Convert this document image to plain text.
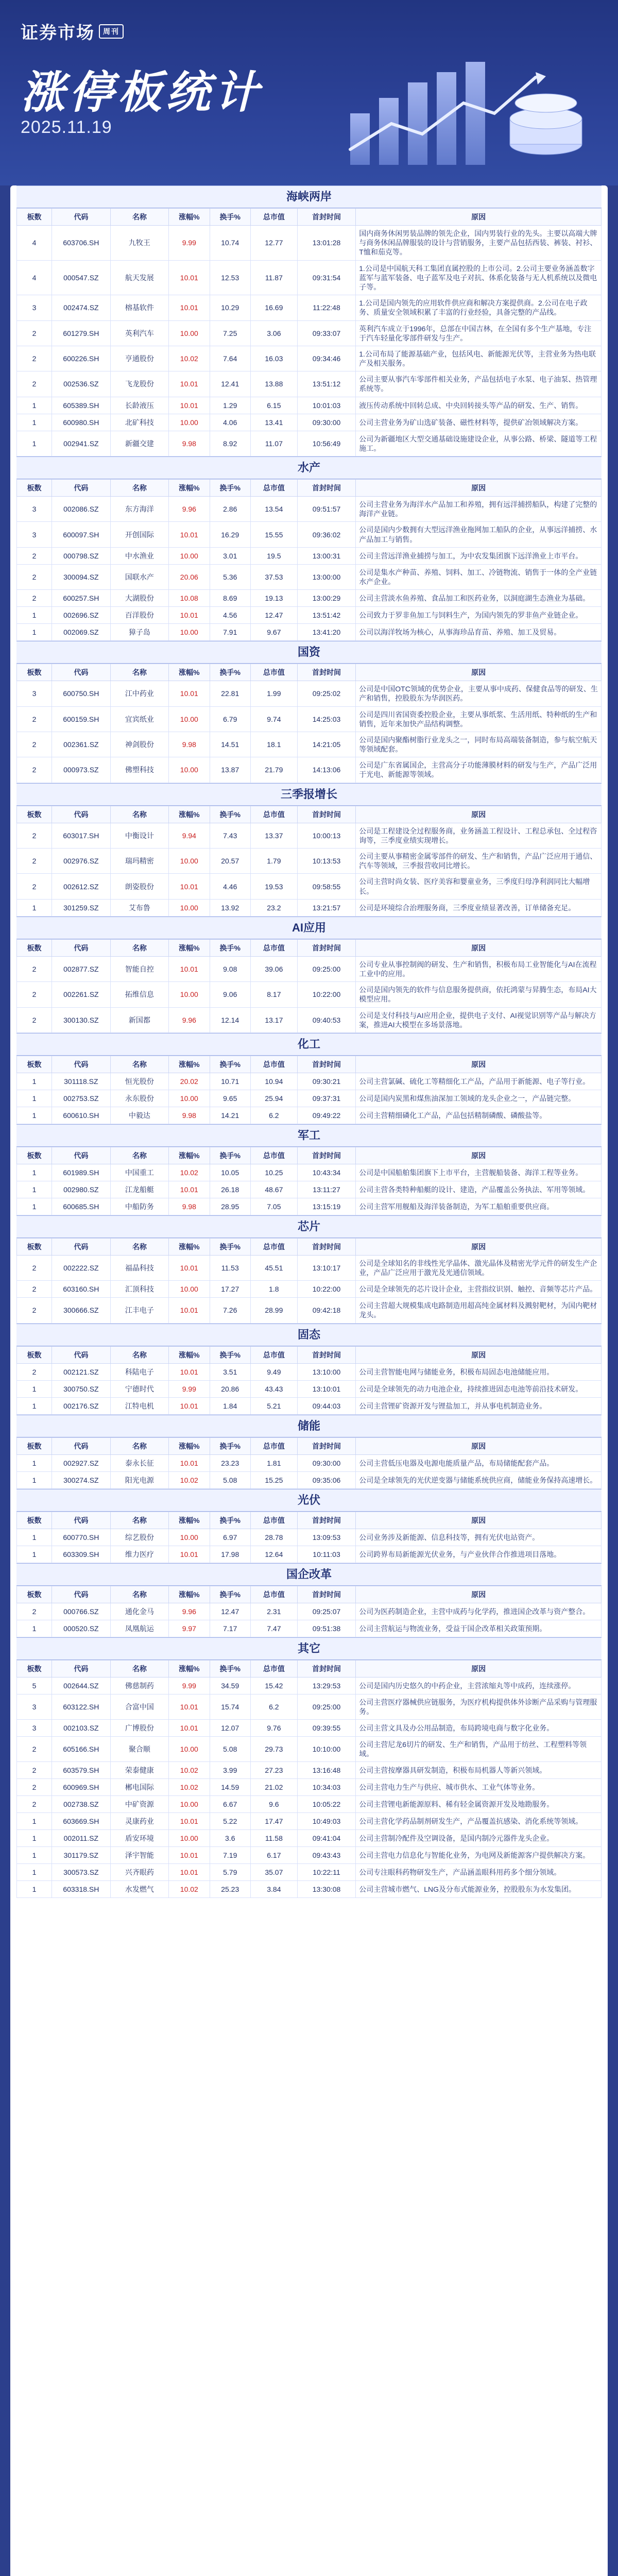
证券市场	周刊
涨停板统计
2025.11.19
海峡两岸
板数	代码	名称	涨幅%	换手%	总市值	首封时间	原因
4	603706.SH	九牧王	9.99	10.74	12.77	13:01:28	国内商务休闲男装品牌的领先企业，国内男装行业的先头。主要以高端大牌与商务休闲品牌服装的设计与营销服务，主要产品包括西装、裤装、衬衫、T恤和茄克等。
4	000547.SZ	航天发展	10.01	12.53	11.87	09:31:54	1.公司是中国航天科工集团直属控股的上市公司。2.公司主要业务涵盖数字蓝军与蓝军装备、电子蓝军及电子对抗、体系化装备与无人机系统以及微电子等。
3	002474.SZ	榕基软件	10.01	10.29	16.69	11:22:48	1.公司是国内领先的应用软件供应商和解决方案提供商。2.公司在电子政务、质量安全领域积累了丰富的行业经验，具备完整的产品线。
2	601279.SH	英利汽车	10.00	7.25	3.06	09:33:07	英利汽车成立于1996年，总部在中国吉林，在全国有多个生产基地，专注于汽车轻量化零部件研发与生产。
2	600226.SH	亨通股份	10.02	7.64	16.03	09:34:46	1.公司布局了能源基础产业，包括风电、新能源光伏等，主营业务为热电联产及相关服务。
2	002536.SZ	飞龙股份	10.01	12.41	13.88	13:51:12	公司主要从事汽车零部件相关业务，产品包括电子水泵、电子油泵、热管理系统等。
1	605389.SH	长龄液压	10.01	1.29	6.15	10:01:03	液压传动系统中回转总成、中央回转接头等产品的研发、生产、销售。
1	600980.SH	北矿科技	10.00	4.06	13.41	09:30:00	公司主营业务为矿山选矿装备、磁性材料等，提供矿冶领域解决方案。
1	002941.SZ	新疆交建	9.98	8.92	11.07	10:56:49	公司为新疆地区大型交通基础设施建设企业，从事公路、桥梁、隧道等工程施工。
水产
板数	代码	名称	涨幅%	换手%	总市值	首封时间	原因
3	002086.SZ	东方海洋	9.96	2.86	13.54	09:51:57	公司主营业务为海洋水产品加工和养殖，拥有远洋捕捞船队，构建了完整的海洋产业链。
3	600097.SH	开创国际	10.01	16.29	15.55	09:36:02	公司是国内少数拥有大型远洋渔业拖网加工船队的企业，从事远洋捕捞、水产品加工与销售。
2	000798.SZ	中水渔业	10.00	3.01	19.5	13:00:31	公司主营远洋渔业捕捞与加工，为中农发集团旗下远洋渔业上市平台。
2	300094.SZ	国联水产	20.06	5.36	37.53	13:00:00	公司是集水产种苗、养殖、饲料、加工、冷链物流、销售于一体的全产业链水产企业。
2	600257.SH	大湖股份	10.08	8.69	19.13	13:00:29	公司主营淡水鱼养殖、食品加工和医药业务，以洞庭湖生态渔业为基础。
1	002696.SZ	百洋股份	10.01	4.56	12.47	13:51:42	公司致力于罗非鱼加工与饲料生产，为国内领先的罗非鱼产业链企业。
1	002069.SZ	獐子岛	10.00	7.91	9.67	13:41:20	公司以海洋牧场为核心，从事海珍品育苗、养殖、加工及贸易。
国资
板数	代码	名称	涨幅%	换手%	总市值	首封时间	原因
3	600750.SH	江中药业	10.01	22.81	1.99	09:25:02	公司是中国OTC领域的优势企业，主要从事中成药、保健食品等的研发、生产和销售，控股股东为华润医药。
2	600159.SH	宜宾纸业	10.00	6.79	9.74	14:25:03	公司是四川省国资委控股企业，主要从事纸浆、生活用纸、特种纸的生产和销售，近年来加快产品结构调整。
2	002361.SZ	神剑股份	9.98	14.51	18.1	14:21:05	公司是国内聚酯树脂行业龙头之一，同时布局高端装备制造，参与航空航天等领域配套。
2	000973.SZ	佛塑科技	10.00	13.87	21.79	14:13:06	公司是广东省属国企，主营高分子功能薄膜材料的研发与生产，产品广泛用于光电、新能源等领域。
三季报增长
板数	代码	名称	涨幅%	换手%	总市值	首封时间	原因
2	603017.SH	中衡设计	9.94	7.43	13.37	10:00:13	公司是工程建设全过程服务商，业务涵盖工程设计、工程总承包、全过程咨询等，三季度业绩实现增长。
2	002976.SZ	瑞玛精密	10.00	20.57	1.79	10:13:53	公司主要从事精密金属零部件的研发、生产和销售，产品广泛应用于通信、汽车等领域，三季报营收同比增长。
2	002612.SZ	朗姿股份	10.01	4.46	19.53	09:58:55	公司主营时尚女装、医疗美容和婴童业务，三季度归母净利润同比大幅增长。
1	301259.SZ	艾布鲁	10.00	13.92	23.2	13:21:57	公司是环境综合治理服务商，三季度业绩显著改善，订单储备充足。
AI应用
板数	代码	名称	涨幅%	换手%	总市值	首封时间	原因
2	002877.SZ	智能自控	10.01	9.08	39.06	09:25:00	公司专业从事控制阀的研发、生产和销售，积极布局工业智能化与AI在流程工业中的应用。
2	002261.SZ	拓维信息	10.00	9.06	8.17	10:22:00	公司是国内领先的软件与信息服务提供商，依托鸿蒙与昇腾生态，布局AI大模型应用。
2	300130.SZ	新国都	9.96	12.14	13.17	09:40:53	公司是支付科技与AI应用企业，提供电子支付、AI视觉识别等产品与解决方案，推进AI大模型在多场景落地。
化工
板数	代码	名称	涨幅%	换手%	总市值	首封时间	原因
1	301118.SZ	恒光股份	20.02	10.71	10.94	09:30:21	公司主营氯碱、硫化工等精细化工产品，产品用于新能源、电子等行业。
1	002753.SZ	永东股份	10.00	9.65	25.94	09:37:31	公司是国内炭黑和煤焦油深加工领域的龙头企业之一，产品链完整。
1	600610.SH	中毅达	9.98	14.21	6.2	09:49:22	公司主营精细磷化工产品，产品包括精制磷酸、磷酸盐等。
军工
板数	代码	名称	涨幅%	换手%	总市值	首封时间	原因
1	601989.SH	中国重工	10.02	10.05	10.25	10:43:34	公司是中国船舶集团旗下上市平台，主营舰船装备、海洋工程等业务。
1	002980.SZ	江龙船艇	10.01	26.18	48.67	13:11:27	公司主营各类特种船艇的设计、建造，产品覆盖公务执法、军用等领域。
1	600685.SH	中船防务	9.98	28.95	7.05	13:15:19	公司主营军用舰船及海洋装备制造，为军工船舶重要供应商。
芯片
板数	代码	名称	涨幅%	换手%	总市值	首封时间	原因
2	002222.SZ	福晶科技	10.01	11.53	45.51	13:10:17	公司是全球知名的非线性光学晶体、激光晶体及精密光学元件的研发生产企业，产品广泛应用于激光及光通信领域。
2	603160.SH	汇顶科技	10.00	17.27	1.8	10:22:00	公司是全球领先的芯片设计企业，主营指纹识别、触控、音频等芯片产品。
2	300666.SZ	江丰电子	10.01	7.26	28.99	09:42:18	公司主营超大规模集成电路制造用超高纯金属材料及溅射靶材，为国内靶材龙头。
固态
板数	代码	名称	涨幅%	换手%	总市值	首封时间	原因
2	002121.SZ	科陆电子	10.01	3.51	9.49	13:10:00	公司主营智能电网与储能业务，积极布局固态电池储能应用。
1	300750.SZ	宁德时代	9.99	20.86	43.43	13:10:01	公司是全球领先的动力电池企业，持续推进固态电池等前沿技术研发。
1	002176.SZ	江特电机	10.01	1.84	5.21	09:44:03	公司主营锂矿资源开发与锂盐加工，并从事电机制造业务。
储能
板数	代码	名称	涨幅%	换手%	总市值	首封时间	原因
1	002927.SZ	泰永长征	10.01	23.23	1.81	09:30:00	公司主营低压电器及电源电能质量产品，布局储能配套产品。
1	300274.SZ	阳光电源	10.02	5.08	15.25	09:35:06	公司是全球领先的光伏逆变器与储能系统供应商，储能业务保持高速增长。
光伏
板数	代码	名称	涨幅%	换手%	总市值	首封时间	原因
1	600770.SH	综艺股份	10.00	6.97	28.78	13:09:53	公司业务涉及新能源、信息科技等，拥有光伏电站资产。
1	603309.SH	维力医疗	10.01	17.98	12.64	10:11:03	公司跨界布局新能源光伏业务，与产业伙伴合作推进项目落地。
国企改革
板数	代码	名称	涨幅%	换手%	总市值	首封时间	原因
2	000766.SZ	通化金马	9.96	12.47	2.31	09:25:07	公司为医药制造企业，主营中成药与化学药，推进国企改革与资产整合。
1	000520.SZ	凤凰航运	9.97	7.17	7.47	09:51:38	公司主营航运与物流业务，受益于国企改革相关政策预期。
其它
板数	代码	名称	涨幅%	换手%	总市值	首封时间	原因
5	002644.SZ	佛慈制药	9.99	34.59	15.42	13:29:53	公司是国内历史悠久的中药企业，主营浓缩丸等中成药，连续涨停。
3	603122.SH	合富中国	10.01	15.74	6.2	09:25:00	公司主营医疗器械供应链服务，为医疗机构提供体外诊断产品采购与管理服务。
3	002103.SZ	广博股份	10.01	12.07	9.76	09:39:55	公司主营文具及办公用品制造，布局跨境电商与数字化业务。
2	605166.SH	聚合顺	10.00	5.08	29.73	10:10:00	公司主营尼龙6切片的研发、生产和销售，产品用于纺丝、工程塑料等领域。
2	603579.SH	荣泰健康	10.02	3.99	27.23	13:16:48	公司主营按摩器具研发制造，积极布局机器人等新兴领域。
2	600969.SH	郴电国际	10.02	14.59	21.02	10:34:03	公司主营电力生产与供应、城市供水、工业气体等业务。
2	002738.SZ	中矿资源	10.00	6.67	9.6	10:05:22	公司主营锂电新能源原料、稀有轻金属资源开发及地勘服务。
1	603669.SH	灵康药业	10.01	5.22	17.47	10:49:03	公司主营化学药品制剂研发生产，产品覆盖抗感染、消化系统等领域。
1	002011.SZ	盾安环境	10.00	3.6	11.58	09:41:04	公司主营制冷配件及空调设备，是国内制冷元器件龙头企业。
1	301179.SZ	泽宇智能	10.01	7.19	6.17	09:43:43	公司主营电力信息化与智能化业务，为电网及新能源客户提供解决方案。
1	300573.SZ	兴齐眼药	10.01	5.79	35.07	10:22:11	公司专注眼科药物研发生产，产品涵盖眼科用药多个细分领域。
1	603318.SH	水发燃气	10.02	25.23	3.84	13:30:08	公司主营城市燃气、LNG及分布式能源业务，控股股东为水发集团。
